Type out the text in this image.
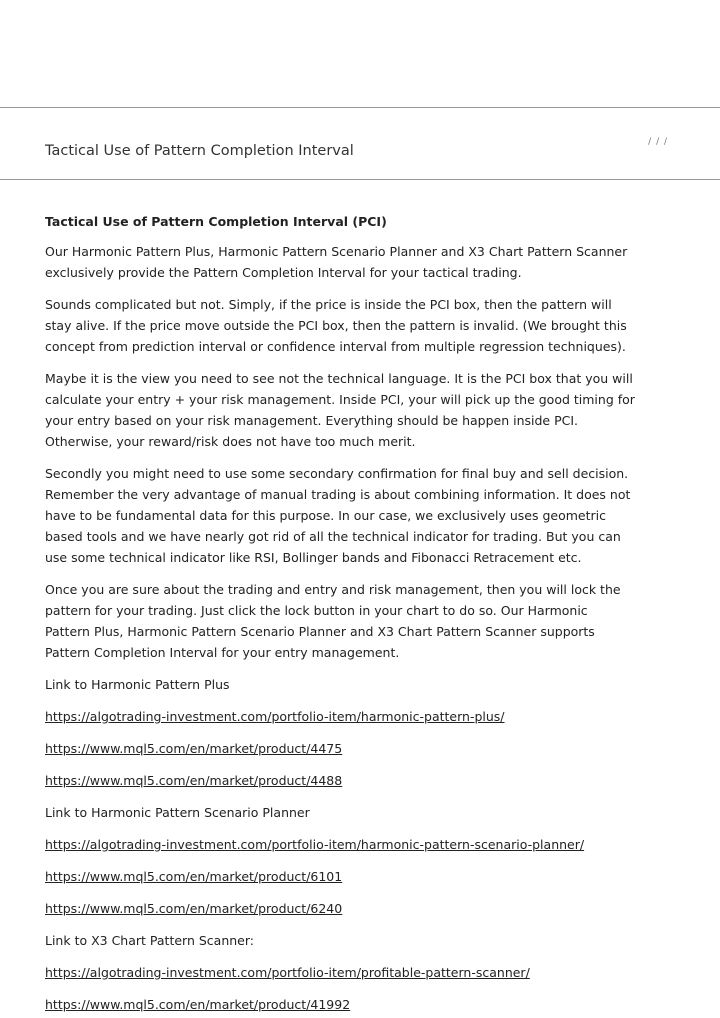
/ / /
Tactical Use of Pattern Completion Interval
Tactical Use of Pattern Completion Interval (PCI)

Our Harmonic Pattern Plus, Harmonic Pattern Scenario Planner and X3 Chart Pattern Scanner exclusively provide the Pattern Completion Interval for your tactical trading.

Sounds complicated but not. Simply, if the price is inside the PCI box, then the pattern will stay alive. If the price move outside the PCI box, then the pattern is invalid. (We brought this concept from prediction interval or confidence interval from multiple regression techniques).

Maybe it is the view you need to see not the technical language. It is the PCI box that you will calculate your entry + your risk management. Inside PCI, your will pick up the good timing for your entry based on your risk management. Everything should be happen inside PCI. Otherwise, your reward/risk does not have too much merit.

Secondly you might need to use some secondary confirmation for final buy and sell decision. Remember the very advantage of manual trading is about combining information. It does not have to be fundamental data for this purpose. In our case, we exclusively uses geometric based tools and we have nearly got rid of all the technical indicator for trading. But you can use some technical indicator like RSI, Bollinger bands and Fibonacci Retracement etc.

Once you are sure about the trading and entry and risk management, then you will lock the pattern for your trading. Just click the lock button in your chart to do so. Our Harmonic Pattern Plus, Harmonic Pattern Scenario Planner and X3 Chart Pattern Scanner supports Pattern Completion Interval for your entry management.

Link to Harmonic Pattern Plus
https://algotrading-investment.com/portfolio-item/harmonic-pattern-plus/
https://www.mql5.com/en/market/product/4475
https://www.mql5.com/en/market/product/4488
Link to Harmonic Pattern Scenario Planner
https://algotrading-investment.com/portfolio-item/harmonic-pattern-scenario-planner/
https://www.mql5.com/en/market/product/6101
https://www.mql5.com/en/market/product/6240
Link to X3 Chart Pattern Scanner:
https://algotrading-investment.com/portfolio-item/profitable-pattern-scanner/
https://www.mql5.com/en/market/product/41992
